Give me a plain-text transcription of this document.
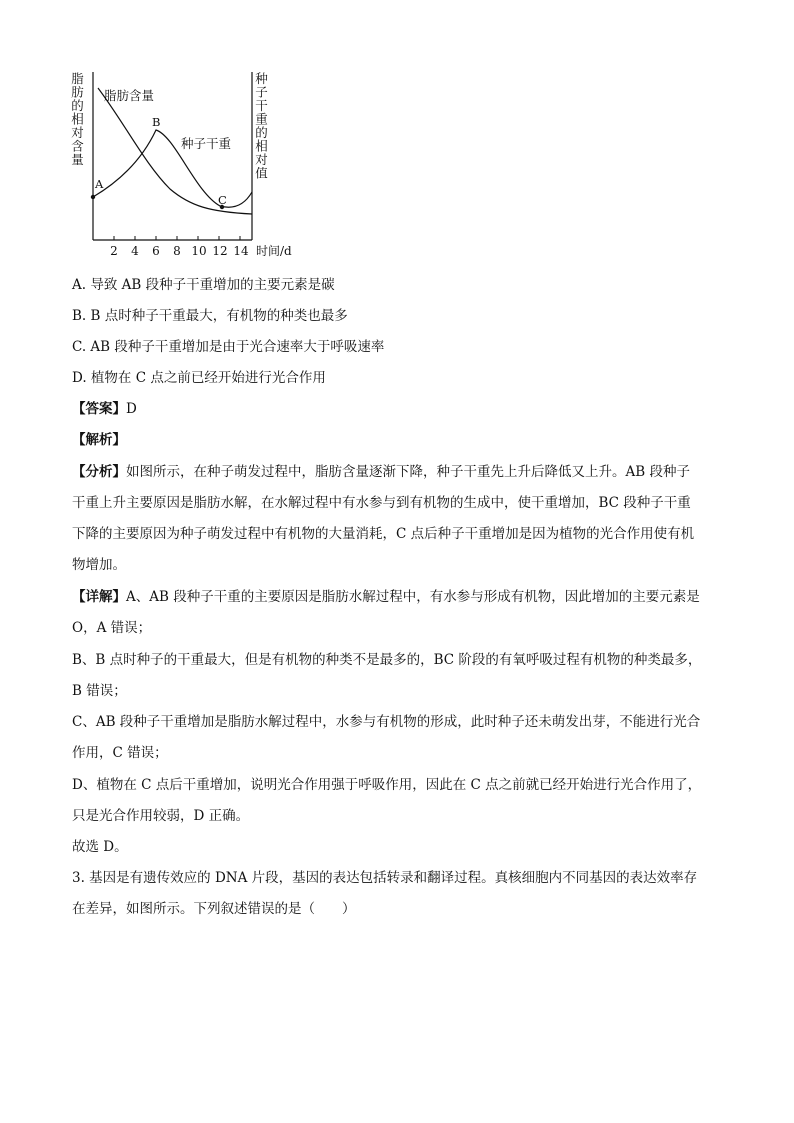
脂肪含量
种子干重
A
B
C
脂肪的相对含量	种子干重的相对值
2 4 6 8 10 12 14 时间/d
A. 导致 AB 段种子干重增加的主要元素是碳
B. B 点时种子干重最大，有机物的种类也最多
C. AB 段种子干重增加是由于光合速率大于呼吸速率
D. 植物在 C 点之前已经开始进行光合作用
【答案】D
【解析】
【分析】如图所示，在种子萌发过程中，脂肪含量逐渐下降，种子干重先上升后降低又上升。AB 段种子
干重上升主要原因是脂肪水解，在水解过程中有水参与到有机物的生成中，使干重增加，BC 段种子干重
下降的主要原因为种子萌发过程中有机物的大量消耗，C 点后种子干重增加是因为植物的光合作用使有机
物增加。
【详解】A、AB 段种子干重的主要原因是脂肪水解过程中，有水参与形成有机物，因此增加的主要元素是
O，A 错误；
B、B 点时种子的干重最大，但是有机物的种类不是最多的，BC 阶段的有氧呼吸过程有机物的种类最多，
B 错误；
C、AB 段种子干重增加是脂肪水解过程中，水参与有机物的形成，此时种子还未萌发出芽，不能进行光合
作用，C 错误；
D、植物在 C 点后干重增加，说明光合作用强于呼吸作用，因此在 C 点之前就已经开始进行光合作用了，
只是光合作用较弱，D 正确。
故选 D。
3. 基因是有遗传效应的 DNA 片段，基因的表达包括转录和翻译过程。真核细胞内不同基因的表达效率存
在差异，如图所示。下列叙述错误的是（　　）
